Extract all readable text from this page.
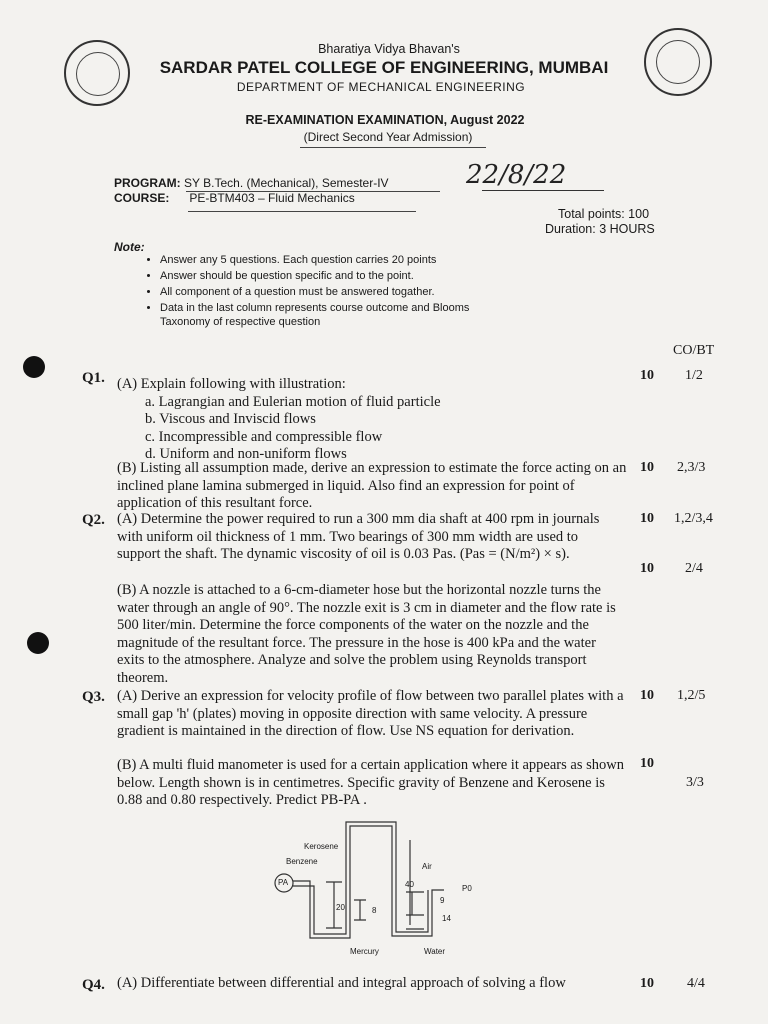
Bharatiya Vidya Bhavan's
SARDAR PATEL COLLEGE OF ENGINEERING, MUMBAI
DEPARTMENT OF MECHANICAL ENGINEERING
RE-EXAMINATION EXAMINATION, August 2022
(Direct Second Year Admission)
PROGRAM: SY B.Tech. (Mechanical), Semester-IV
COURSE: PE-BTM403 – Fluid Mechanics
22/8/22
Total points: 100
Duration: 3 HOURS
Note:
• Answer any 5 questions. Each question carries 20 points
• Answer should be question specific and to the point.
• All component of a question must be answered togather.
• Data in the last column represents course outcome and Blooms Taxonomy of respective question
CO/BT
Q1. (A) Explain following with illustration:
a. Lagrangian and Eulerian motion of fluid particle
b. Viscous and Inviscid flows
c. Incompressible and compressible flow
d. Uniform and non-uniform flows
10 1/2
(B) Listing all assumption made, derive an expression to estimate the force acting on an inclined plane lamina submerged in liquid. Also find an expression for point of application of this resultant force.
10 2,3/3
Q2. (A) Determine the power required to run a 300 mm dia shaft at 400 rpm in journals with uniform oil thickness of 1 mm. Two bearings of 300 mm width are used to support the shaft. The dynamic viscosity of oil is 0.03 Pas. (Pas = (N/m²) × s).
10 1,2/3,4
(B) A nozzle is attached to a 6-cm-diameter hose but the horizontal nozzle turns the water through an angle of 90°. The nozzle exit is 3 cm in diameter and the flow rate is 500 liter/min. Determine the force components of the water on the nozzle and the magnitude of the resultant force. The pressure in the hose is 400 kPa and the water exits to the atmosphere. Analyze and solve the problem using Reynolds transport theorem.
10 2/4
Q3. (A) Derive an expression for velocity profile of flow between two parallel plates with a small gap 'h' (plates) moving in opposite direction with same velocity. A pressure gradient is maintained in the direction of flow. Use NS equation for derivation.
10 1,2/5
(B) A multi fluid manometer is used for a certain application where it appears as shown below. Length shown is in centimetres. Specific gravity of Benzene and Kerosene is 0.88 and 0.80 respectively. Predict PB-PA .
10
3/3
Kerosene
Benzene
Air
PA
P0
40
20	8
9
14
Mercury	Water
Q4. (A) Differentiate between differential and integral approach of solving a flow	10 4/4
